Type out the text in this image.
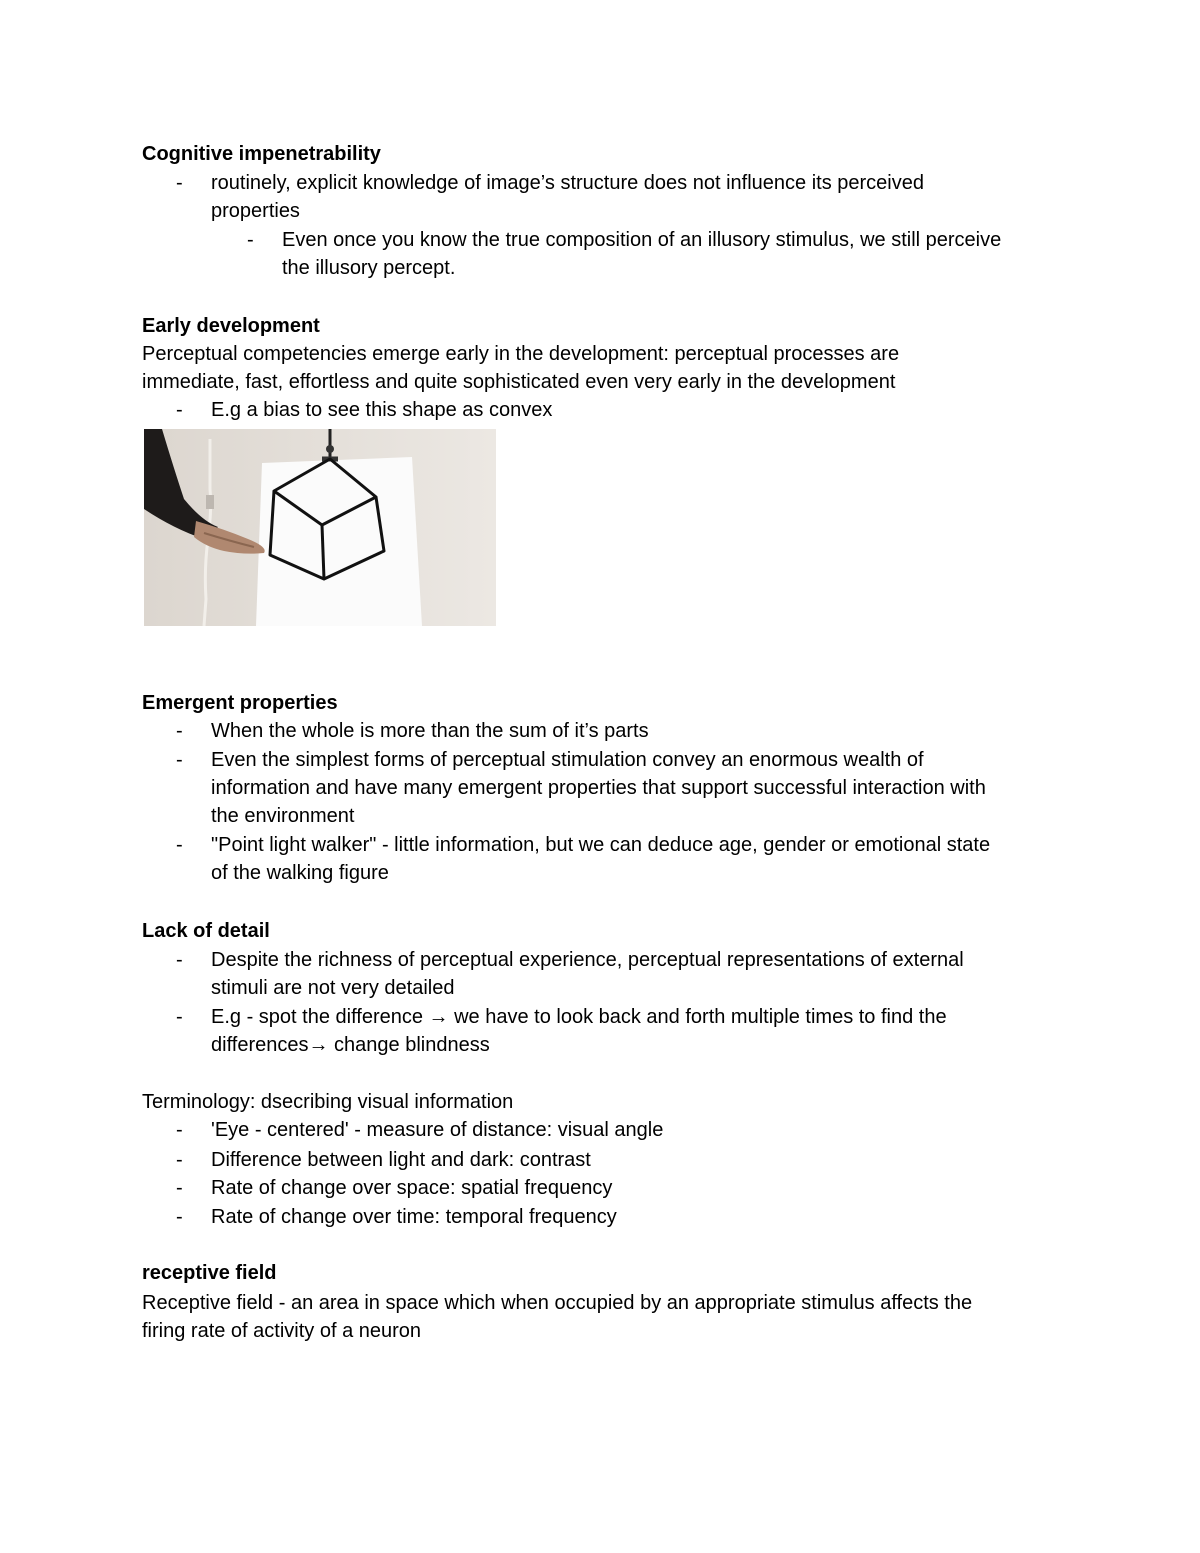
Cognitive impenetrability
- routinely, explicit knowledge of image’s structure does not influence its perceived
properties
- Even once you know the true composition of an illusory stimulus, we still perceive
the illusory percept.
Early development
Perceptual competencies emerge early in the development: perceptual processes are
immediate, fast, effortless and quite sophisticated even very early in the development
- E.g a bias to see this shape as convex
Emergent properties
- When the whole is more than the sum of it’s parts
- Even the simplest forms of perceptual stimulation convey an enormous wealth of
information and have many emergent properties that support successful interaction with
the environment
- "Point light walker" - little information, but we can deduce age, gender or emotional state
of the walking figure
Lack of detail
- Despite the richness of perceptual experience, perceptual representations of external
stimuli are not very detailed
- E.g - spot the difference → we have to look back and forth multiple times to find the
differences→ change blindness
Terminology: dsecribing visual information
- 'Eye - centered' - measure of distance: visual angle
- Difference between light and dark: contrast
- Rate of change over space: spatial frequency
- Rate of change over time: temporal frequency
receptive field
Receptive field - an area in space which when occupied by an appropriate stimulus affects the
firing rate of activity of a neuron
